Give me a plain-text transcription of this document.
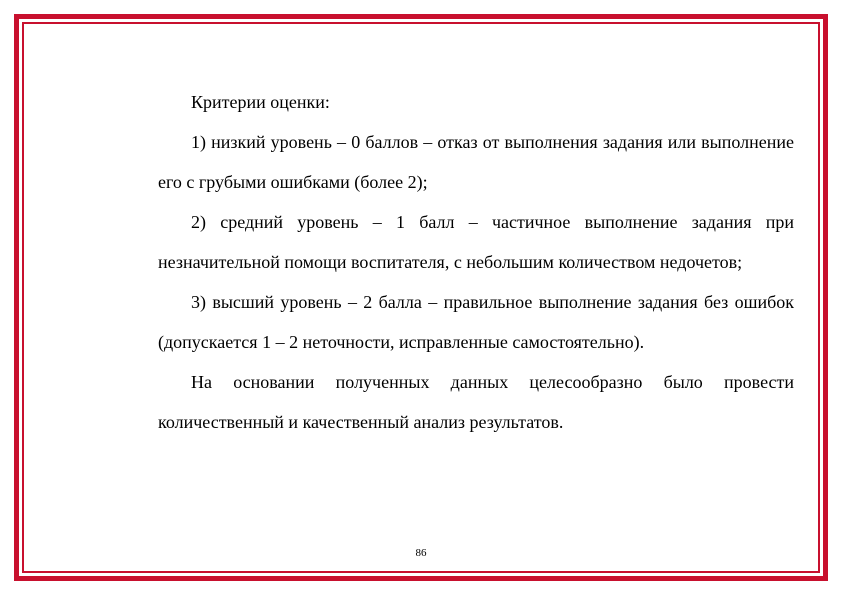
Критерии оценки:

1) низкий уровень – 0 баллов – отказ от выполнения задания или выполнение его с грубыми ошибками (более 2);

2) средний уровень – 1 балл – частичное выполнение задания при незначительной помощи воспитателя, с небольшим количеством недочетов;

3) высший уровень – 2 балла – правильное выполнение задания без ошибок (допускается 1 – 2 неточности, исправленные самостоятельно).

На основании полученных данных целесообразно было провести количественный и качественный анализ результатов.

86
